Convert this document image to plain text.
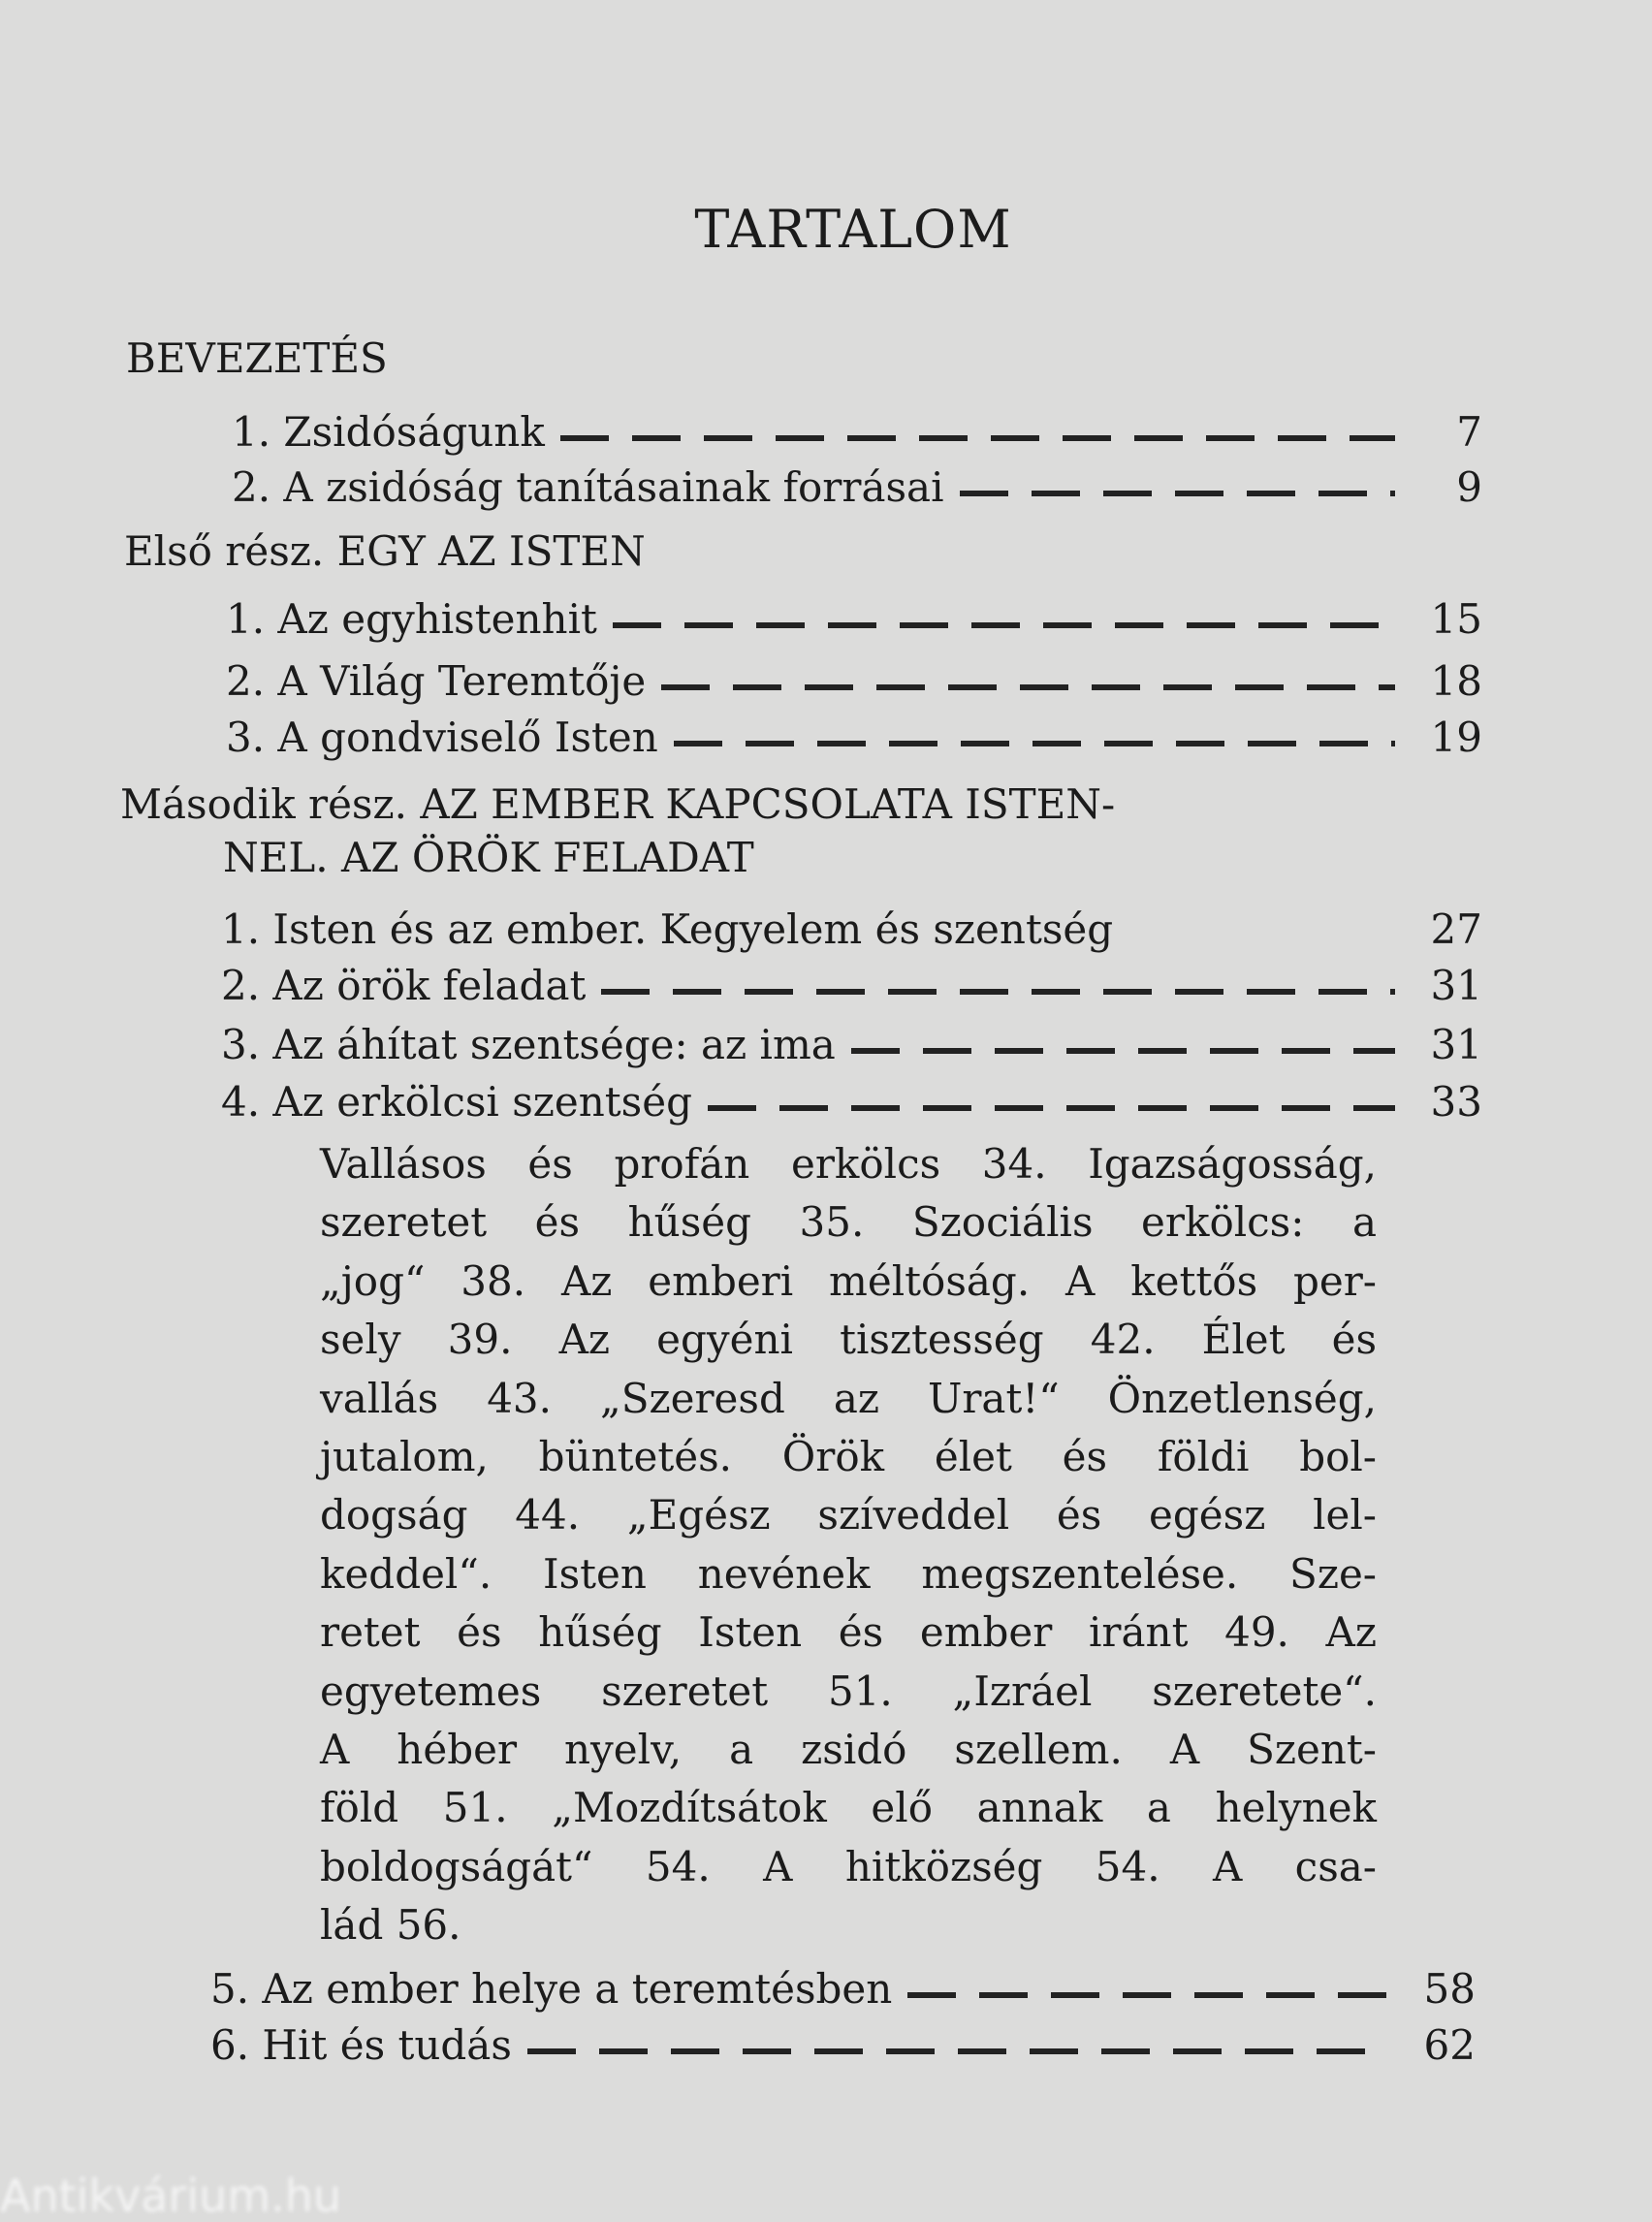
TARTALOM
BEVEZETÉS
1. Zsidóságunk	7
2. A zsidóság tanításainak forrásai	9
Első rész. EGY AZ ISTEN
1. Az egyhistenhit	15
2. A Világ Teremtője	18
3. A gondviselő Isten	19
Második rész. AZ EMBER KAPCSOLATA ISTEN-
NEL. AZ ÖRÖK FELADAT
1. Isten és az ember. Kegyelem és szentség	27
2. Az örök feladat	31
3. Az áhítat szentsége: az ima	31
4. Az erkölcsi szentség	33
Vallásos és profán erkölcs 34. Igazságosság,
szeretet és hűség 35. Szociális erkölcs: a
„jog“ 38. Az emberi méltóság. A kettős per-
sely 39. Az egyéni tisztesség 42. Élet és
vallás 43. „Szeresd az Urat!“ Önzetlenség,
jutalom, büntetés. Örök élet és földi bol-
dogság 44. „Egész szíveddel és egész lel-
keddel“. Isten nevének megszentelése. Sze-
retet és hűség Isten és ember iránt 49. Az
egyetemes szeretet 51. „Izráel szeretete“.
A héber nyelv, a zsidó szellem. A Szent-
föld 51. „Mozdítsátok elő annak a helynek
boldogságát“ 54. A hitközség 54. A csa-
lád 56.
5. Az ember helye a teremtésben	58
6. Hit és tudás	62
Antikvárium.hu
